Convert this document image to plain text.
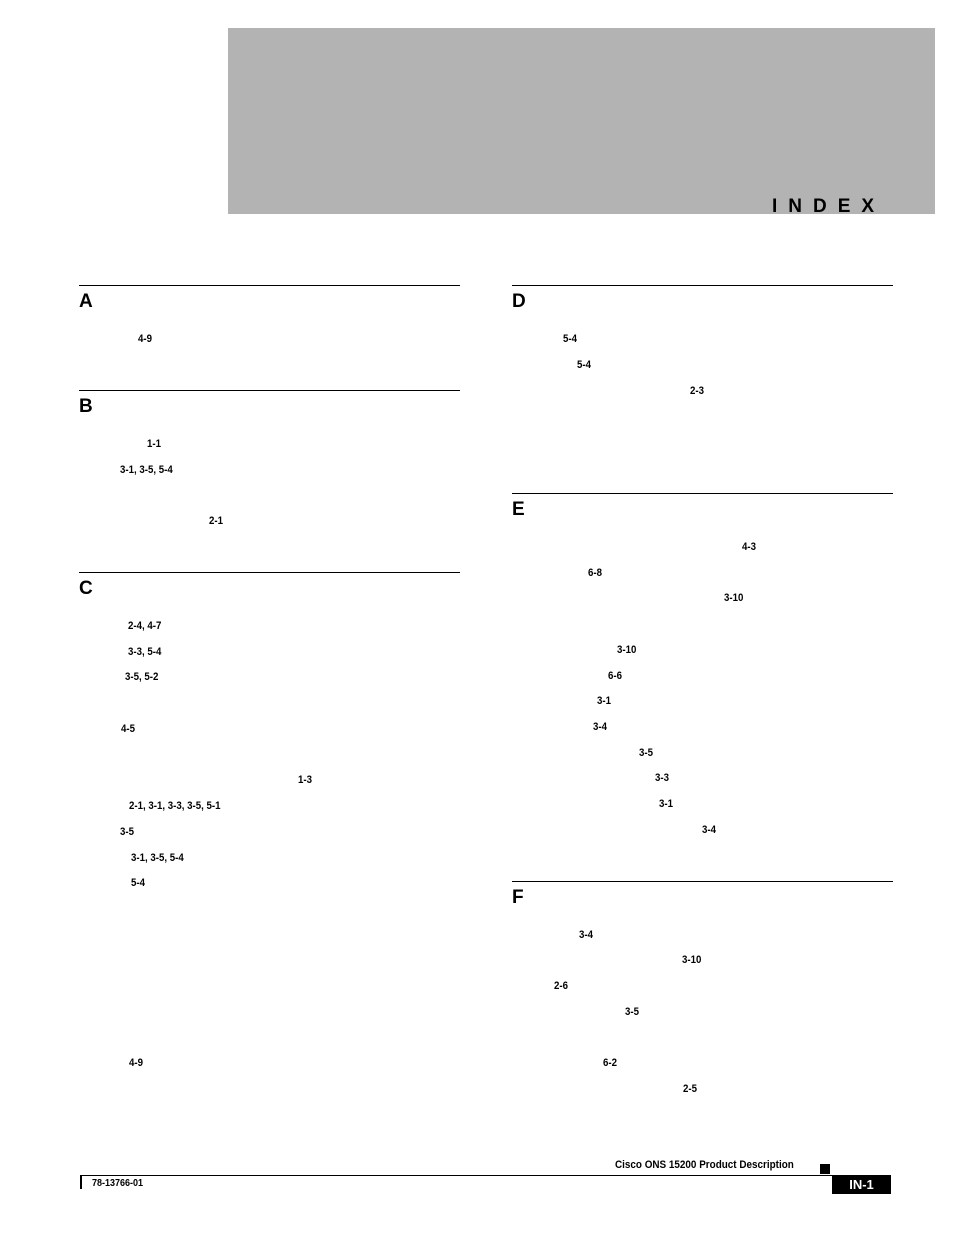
INDEX
A
4-9
B
1-1
3-1, 3-5, 5-4
2-1
C
2-4, 4-7
3-3, 5-4
3-5, 5-2
4-5
1-3
2-1, 3-1, 3-3, 3-5, 5-1
3-5
3-1, 3-5, 5-4
5-4
4-9
D
5-4
5-4
2-3
E
4-3
6-8
3-10
3-10
6-6
3-1
3-4
3-5
3-3
3-1
3-4
F
3-4
3-10
2-6
3-5
6-2
2-5
Cisco ONS 15200 Product Description
78-13766-01	IN-1
